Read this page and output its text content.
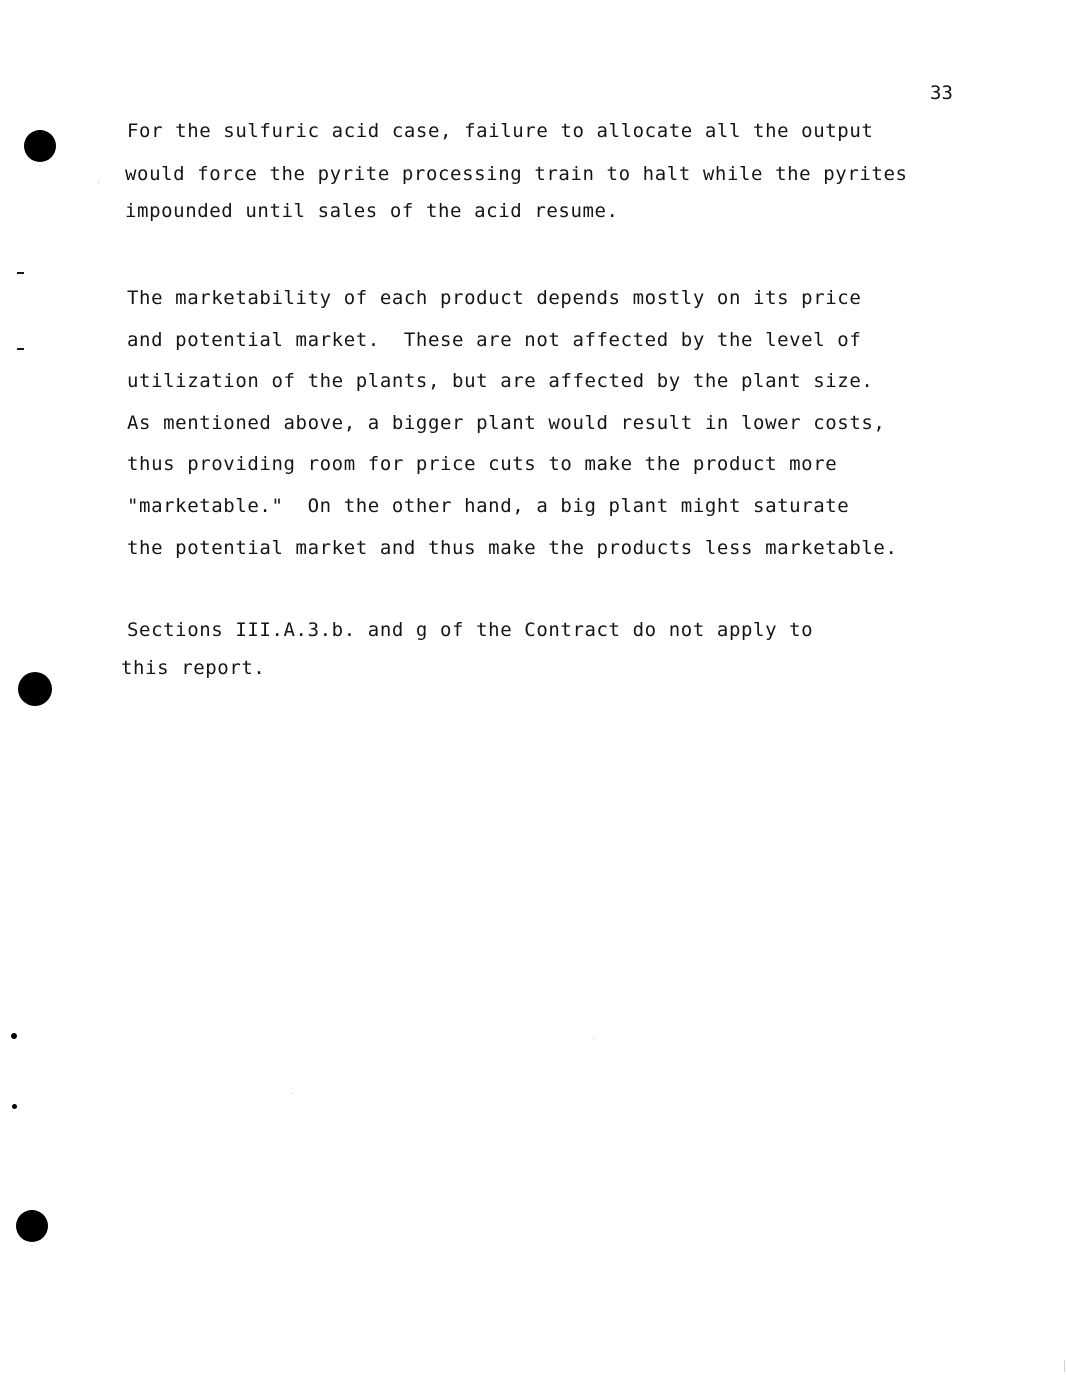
33
For the sulfuric acid case, failure to allocate all the output
would force the pyrite processing train to halt while the pyrites
impounded until sales of the acid resume.
The marketability of each product depends mostly on its price
and potential market.  These are not affected by the level of
utilization of the plants, but are affected by the plant size.
As mentioned above, a bigger plant would result in lower costs,
thus providing room for price cuts to make the product more
"marketable."  On the other hand, a big plant might saturate
the potential market and thus make the products less marketable.
Sections III.A.3.b. and g of the Contract do not apply to
this report.
